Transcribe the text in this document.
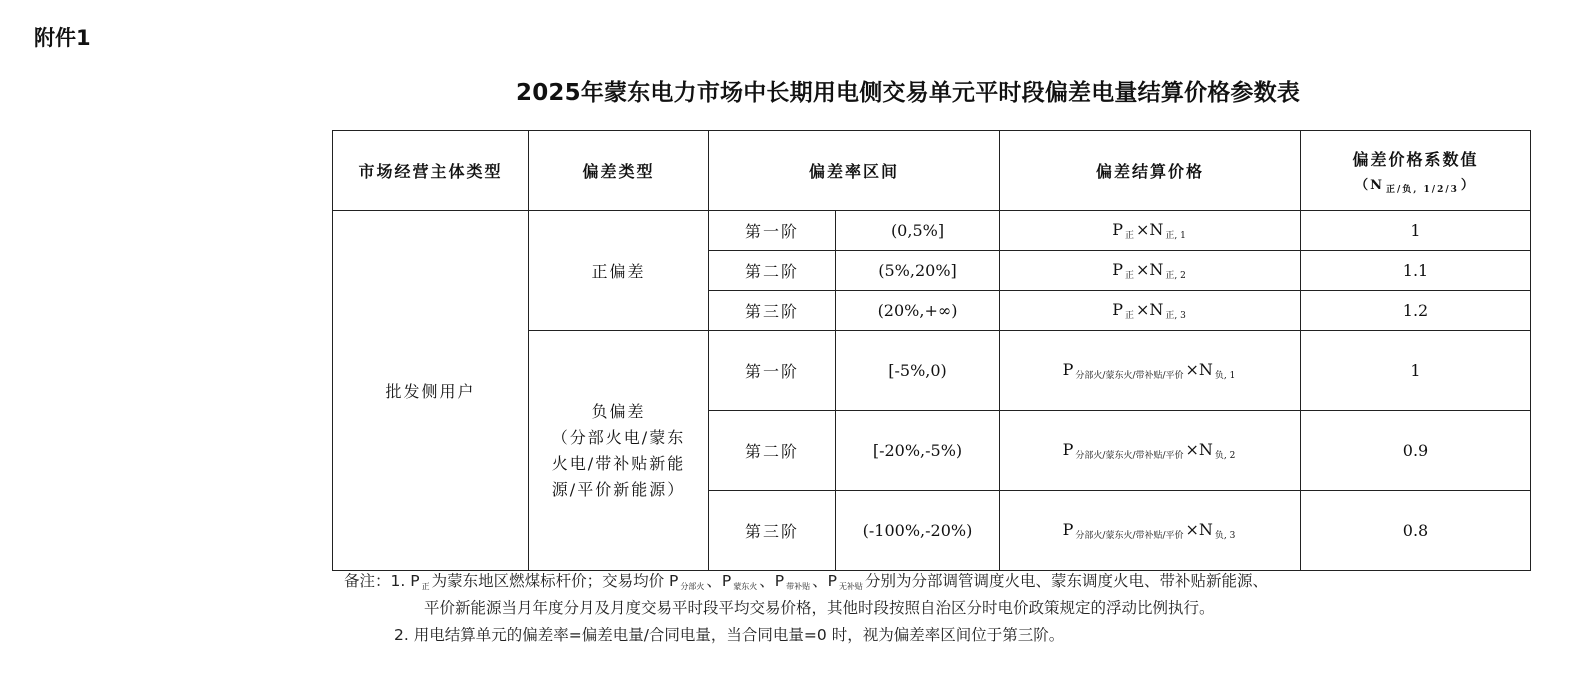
附件1
2025年蒙东电力市场中长期用电侧交易单元平时段偏差电量结算价格参数表
市场经营主体类型	偏差类型	偏差率区间		偏差结算价格	偏差价格系数值
（N $_{正/负, 1/2/3}$ ）

批发侧用户	正偏差	第一阶	(0,5%]	P $_正$ ×N $_{正, 1}$	1
		第二阶	(5%,20%]	P $_正$ ×N $_{正, 2}$	1.1
		第三阶	(20%,+∞)	P $_正$ ×N $_{正, 3}$	1.2

	负偏差
（分部火电/蒙东
火电/带补贴新能
源/平价新能源）	第一阶	[-5%,0)	P $_{分部火/蒙东火/带补贴/平价}$ ×N $_{负, 1}$	1
		第二阶	[-20%,-5%)	P $_{分部火/蒙东火/带补贴/平价}$ ×N $_{负, 2}$	0.9
		第三阶	(-100%,-20%)	P $_{分部火/蒙东火/带补贴/平价}$ ×N $_{负, 3}$	0.8
备注：1. P $_正$ 为蒙东地区燃煤标杆价；交易均价 P $_{分部火}$ 、P $_{蒙东火}$ 、P $_{带补贴}$ 、P $_{无补贴}$ 分别为分部调管调度火电、蒙东调度火电、带补贴新能源、
平价新能源当月年度分月及月度交易平时段平均交易价格，其他时段按照自治区分时电价政策规定的浮动比例执行。
2. 用电结算单元的偏差率=偏差电量/合同电量，当合同电量=0 时，视为偏差率区间位于第三阶。
